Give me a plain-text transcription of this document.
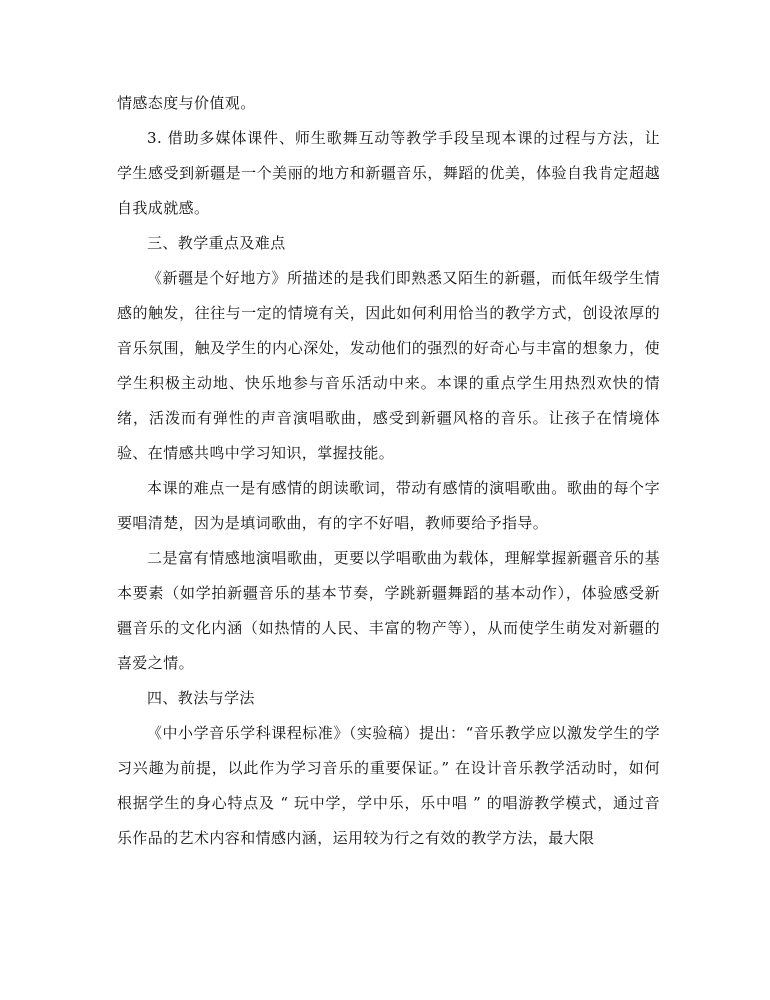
情感态度与价值观。

3. 借助多媒体课件、师生歌舞互动等教学手段呈现本课的过程与方法，让学生感受到新疆是一个美丽的地方和新疆音乐，舞蹈的优美，体验自我肯定超越自我成就感。

三、教学重点及难点

《新疆是个好地方》所描述的是我们即熟悉又陌生的新疆，而低年级学生情感的触发，往往与一定的情境有关，因此如何利用恰当的教学方式，创设浓厚的音乐氛围，触及学生的内心深处，发动他们的强烈的好奇心与丰富的想象力，使学生积极主动地、快乐地参与音乐活动中来。本课的重点学生用热烈欢快的情绪，活泼而有弹性的声音演唱歌曲，感受到新疆风格的音乐。让孩子在情境体验、在情感共鸣中学习知识，掌握技能。

本课的难点一是有感情的朗读歌词，带动有感情的演唱歌曲。歌曲的每个字要唱清楚，因为是填词歌曲，有的字不好唱，教师要给予指导。

二是富有情感地演唱歌曲，更要以学唱歌曲为载体，理解掌握新疆音乐的基本要素（如学拍新疆音乐的基本节奏，学跳新疆舞蹈的基本动作），体验感受新疆音乐的文化内涵（如热情的人民、丰富的物产等），从而使学生萌发对新疆的喜爱之情。

四、教法与学法

《中小学音乐学科课程标准》（实验稿）提出：“音乐教学应以激发学生的学习兴趣为前提，以此作为学习音乐的重要保证。” 在设计音乐教学活动时，如何根据学生的身心特点及 “ 玩中学，学中乐，乐中唱 ” 的唱游教学模式，通过音乐作品的艺术内容和情感内涵，运用较为行之有效的教学方法，最大限
